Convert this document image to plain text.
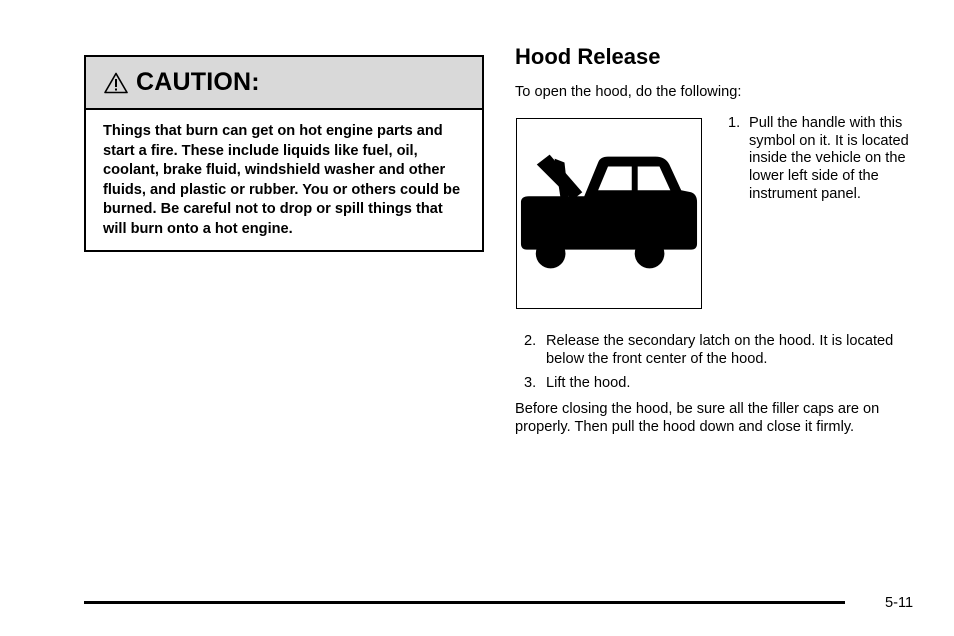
CAUTION:
Things that burn can get on hot engine parts and start a fire. These include liquids like fuel, oil, coolant, brake fluid, windshield washer and other fluids, and plastic or rubber. You or others could be burned. Be careful not to drop or spill things that will burn onto a hot engine.
Hood Release
To open the hood, do the following:
1. Pull the handle with this symbol on it. It is located inside the vehicle on the lower left side of the instrument panel.
2. Release the secondary latch on the hood. It is located below the front center of the hood.
3. Lift the hood.
Before closing the hood, be sure all the filler caps are on properly. Then pull the hood down and close it firmly.
5-11
